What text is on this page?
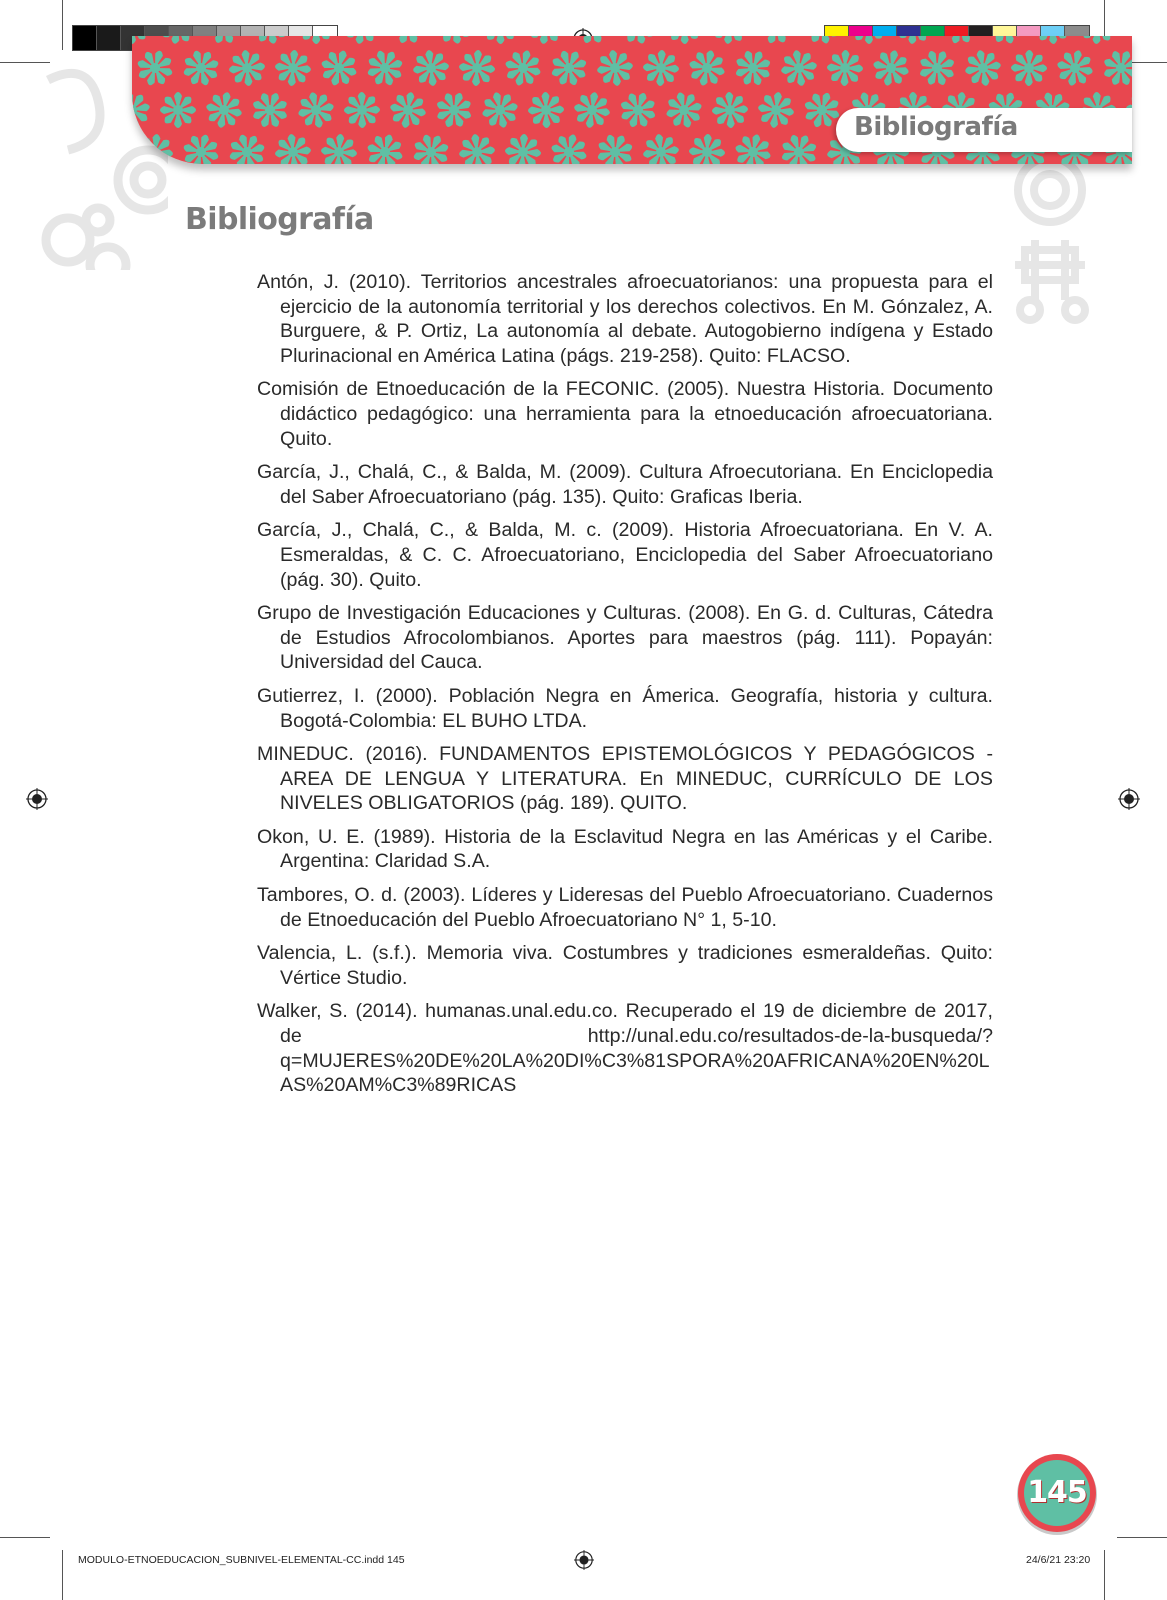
Bibliografía
Bibliografía
Antón, J. (2010). Territorios ancestrales afroecuatorianos: una propuesta para el ejercicio de la autonomía territorial y los derechos colectivos. En M. Gónzalez, A. Burguere, & P. Ortiz, La autonomía al debate. Autogobierno indígena y Estado Plurinacional en América Latina (págs. 219-258). Quito: FLACSO.
Comisión de Etnoeducación de la FECONIC. (2005). Nuestra Historia. Documento didáctico pedagógico: una herramienta para la etnoeducación afroecuatoriana. Quito.
García, J., Chalá, C., & Balda, M. (2009). Cultura Afroecutoriana. En Enciclopedia del Saber Afroecuatoriano (pág. 135). Quito: Graficas Iberia.
García, J., Chalá, C., & Balda, M. c. (2009). Historia Afroecuatoriana. En V. A. Esmeraldas, & C. C. Afroecuatoriano, Enciclopedia del Saber Afroecuatoriano (pág. 30). Quito.
Grupo de Investigación Educaciones y Culturas. (2008). En G. d. Culturas, Cátedra de Estudios Afrocolombianos. Aportes para maestros (pág. 111). Popayán: Universidad del Cauca.
Gutierrez, I. (2000). Población Negra en Ámerica. Geografía, historia y cultura. Bogotá-Colombia: EL BUHO LTDA.
MINEDUC. (2016). FUNDAMENTOS EPISTEMOLÓGICOS Y PEDAGÓGICOS - AREA DE LENGUA Y LITERATURA. En MINEDUC, CURRÍCULO DE LOS NIVELES OBLIGATORIOS (pág. 189). QUITO.
Okon, U. E. (1989). Historia de la Esclavitud Negra en las Américas y el Caribe. Argentina: Claridad S.A.
Tambores, O. d. (2003). Líderes y Lideresas del Pueblo Afroecuatoriano. Cuadernos de Etnoeducación del Pueblo Afroecuatoriano N° 1, 5-10.
Valencia, L. (s.f.). Memoria viva. Costumbres y tradiciones esmeraldeñas. Quito: Vértice Studio.
Walker, S. (2014). humanas.unal.edu.co. Recuperado el 19 de diciembre de 2017, de http://unal.edu.co/resultados-de-la-busqueda/?q=MUJERES%20DE%20LA%20DI%C3%81SPORA%20AFRICANA%20EN%20LAS%20AM%C3%89RICAS
145
MODULO-ETNOEDUCACION_SUBNIVEL-ELEMENTAL-CC.indd 145	24/6/21 23:20
